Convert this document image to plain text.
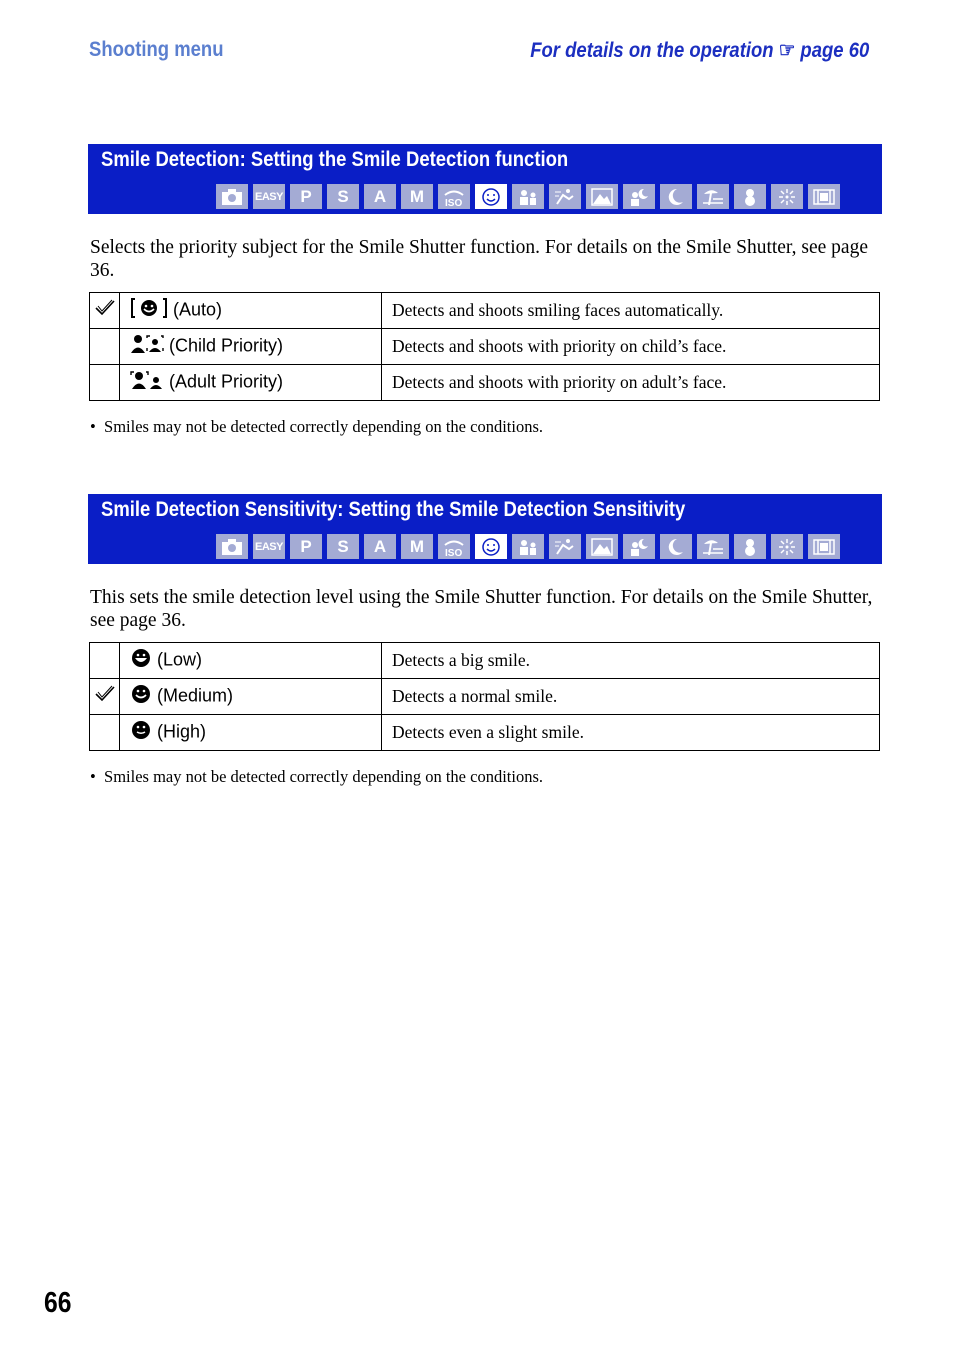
Shooting menu	For details on the operation ☞ page 60
Smile Detection: Setting the Smile Detection function
EASY	P	S	A	M	ISO
Selects the priority subject for the Smile Shutter function. For details on the Smile Shutter, see page 36.
	(Auto)	Detects and shoots smiling faces automatically.
	(Child Priority)	Detects and shoots with priority on child’s face.
	(Adult Priority)	Detects and shoots with priority on adult’s face.
•  Smiles may not be detected correctly depending on the conditions.
Smile Detection Sensitivity: Setting the Smile Detection Sensitivity
EASY	P	S	A	M	ISO
This sets the smile detection level using the Smile Shutter function. For details on the Smile Shutter, see page 36.
	(Low)	Detects a big smile.
	(Medium)	Detects a normal smile.
	(High)	Detects even a slight smile.
•  Smiles may not be detected correctly depending on the conditions.
66
